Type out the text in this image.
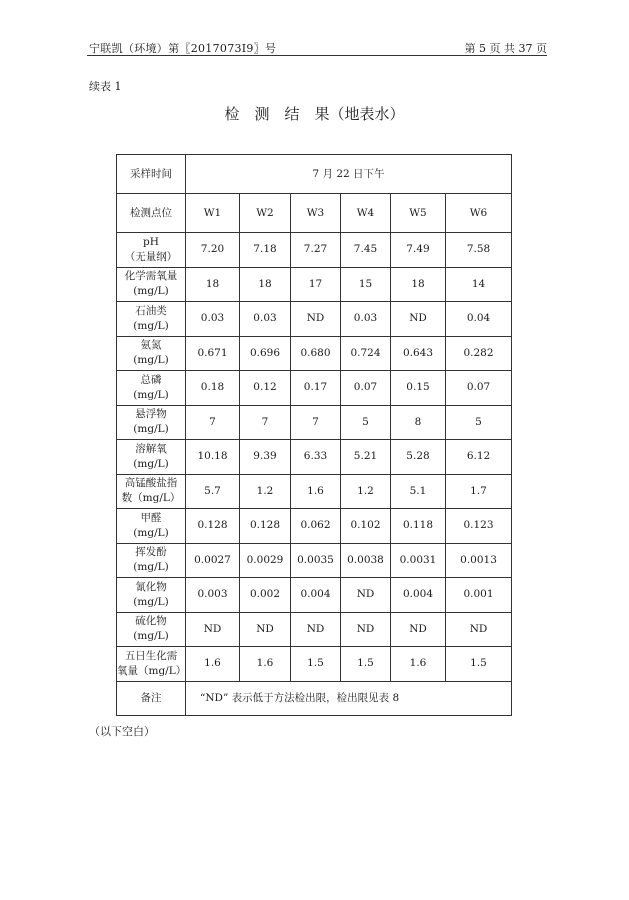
宁联凯（环境）第〖2017073I9〗号	第 5 页 共 37 页
续表 1
检　测　结　果（地表水）
采样时间	7 月 22 日下午					
检测点位	W1	W2	W3	W4	W5	W6

pH
（无量纲）	7.20	7.18	7.27	7.45	7.49	7.58

化学需氧量
(mg/L)	18	18	17	15	18	14

石油类
(mg/L)	0.03	0.03	ND	0.03	ND	0.04

氨氮
(mg/L)	0.671	0.696	0.680	0.724	0.643	0.282

总磷
(mg/L)	0.18	0.12	0.17	0.07	0.15	0.07

悬浮物
(mg/L)	7	7	7	5	8	5

溶解氧
(mg/L)	10.18	9.39	6.33	5.21	5.28	6.12

高锰酸盐指
数（mg/L）	5.7	1.2	1.6	1.2	5.1	1.7

甲醛
(mg/L)	0.128	0.128	0.062	0.102	0.118	0.123

挥发酚
(mg/L)	0.0027	0.0029	0.0035	0.0038	0.0031	0.0013

氰化物
(mg/L)	0.003	0.002	0.004	ND	0.004	0.001

硫化物
(mg/L)	ND	ND	ND	ND	ND	ND

五日生化需
氧量（mg/L）	1.6	1.6	1.5	1.5	1.6	1.5
备注	“ND” 表示低于方法检出限，检出限见表 8					
（以下空白）
